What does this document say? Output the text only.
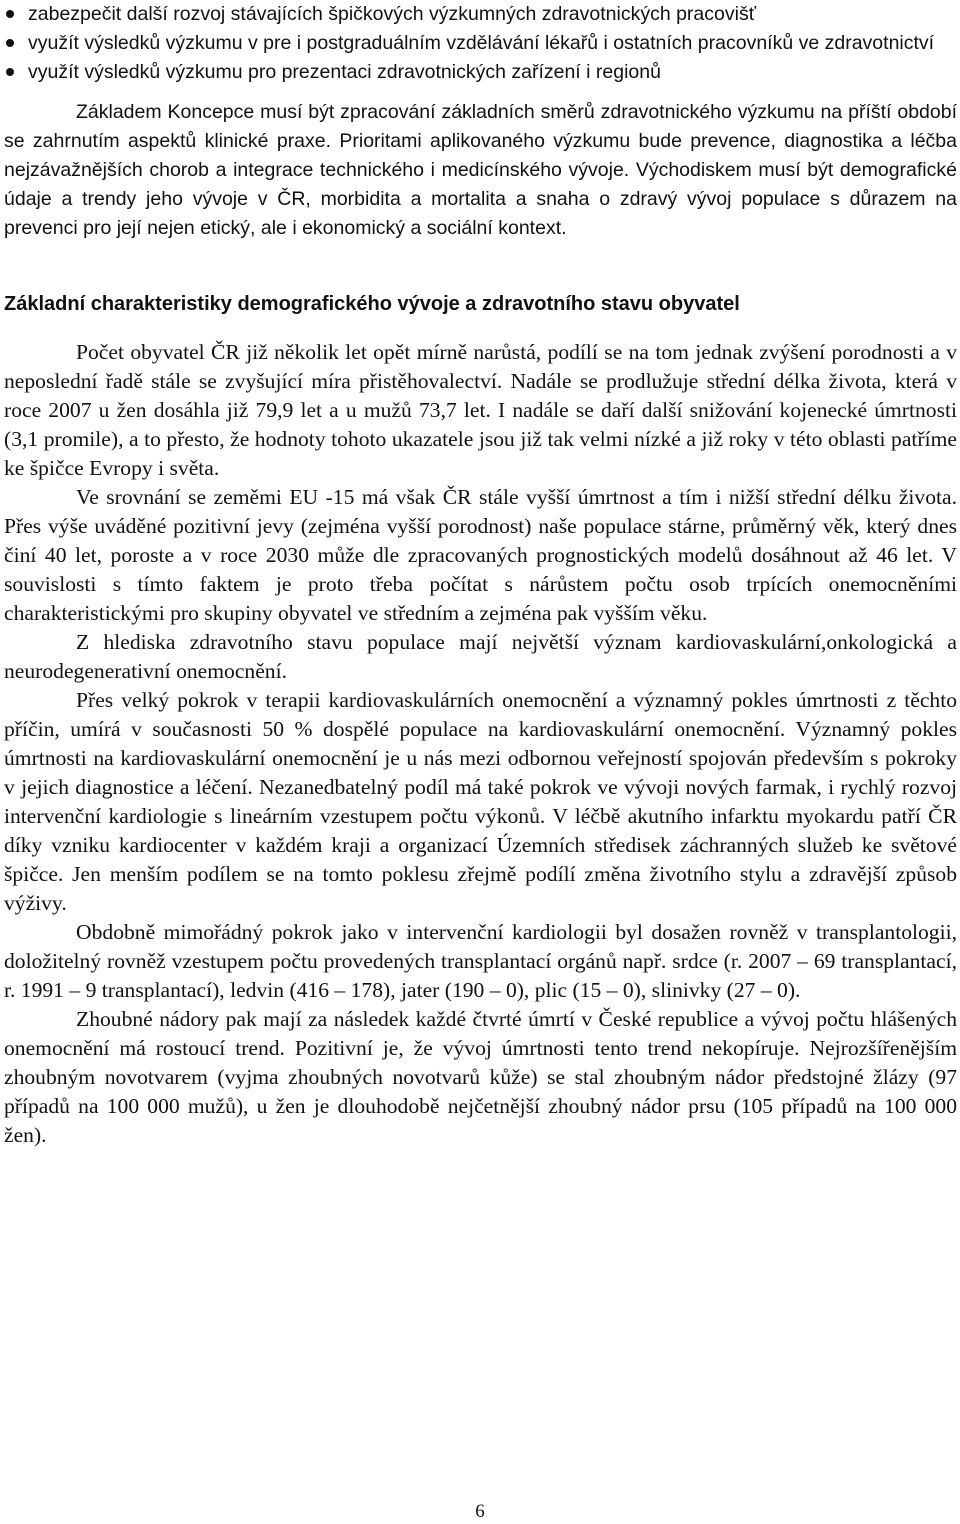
zabezpečit další rozvoj stávajících špičkových výzkumných zdravotnických pracovišť
využít výsledků výzkumu v pre i postgraduálním vzdělávání lékařů i ostatních pracovníků ve zdravotnictví
využít výsledků výzkumu pro prezentaci zdravotnických zařízení i regionů

Základem Koncepce musí být zpracování základních směrů zdravotnického výzkumu na příští období se zahrnutím aspektů klinické praxe. Prioritami aplikovaného výzkumu bude prevence, diagnostika a léčba nejzávažnějších chorob a integrace technického i medicínského vývoje. Východiskem musí být demografické údaje a trendy jeho vývoje v ČR, morbidita a mortalita a snaha o zdravý vývoj populace s důrazem na prevenci pro její nejen etický, ale i ekonomický a sociální kontext.

Základní charakteristiky demografického vývoje a zdravotního stavu obyvatel

Počet obyvatel ČR již několik let opět mírně narůstá, podílí se na tom jednak zvýšení porodnosti a v neposlední řadě stále se zvyšující míra přistěhovalectví. Nadále se prodlužuje střední délka života, která v roce 2007 u žen dosáhla již 79,9 let a u mužů 73,7 let. I nadále se daří další snižování kojenecké úmrtnosti (3,1 promile), a to přesto, že hodnoty tohoto ukazatele jsou již tak velmi nízké a již roky v této oblasti patříme ke špičce Evropy i světa.

Ve srovnání se zeměmi EU -15 má však ČR stále vyšší úmrtnost a tím i nižší střední délku života. Přes výše uváděné pozitivní jevy (zejména vyšší porodnost) naše populace stárne, průměrný věk, který dnes činí 40 let, poroste a v roce 2030 může dle zpracovaných prognostických modelů dosáhnout až 46 let. V souvislosti s tímto faktem je proto třeba počítat s nárůstem počtu osob trpících onemocněními charakteristickými pro skupiny obyvatel ve středním a zejména pak vyšším věku.

Z hlediska zdravotního stavu populace mají největší význam kardiovaskulární,onkologická a neurodegenerativní onemocnění.

Přes velký pokrok v terapii kardiovaskulárních onemocnění a významný pokles úmrtnosti z těchto příčin, umírá v současnosti 50 % dospělé populace na kardiovaskulární onemocnění. Významný pokles úmrtnosti na kardiovaskulární onemocnění je u nás mezi odbornou veřejností spojován především s pokroky v jejich diagnostice a léčení. Nezanedbatelný podíl má také pokrok ve vývoji nových farmak, i rychlý rozvoj intervenční kardiologie s lineárním vzestupem počtu výkonů. V léčbě akutního infarktu myokardu patří ČR díky vzniku kardiocenter v každém kraji a organizací Územních středisek záchranných služeb ke světové špičce. Jen menším podílem se na tomto poklesu zřejmě podílí změna životního stylu a zdravější způsob výživy.

Obdobně mimořádný pokrok jako v intervenční kardiologii byl dosažen rovněž v transplantologii, doložitelný rovněž vzestupem počtu provedených transplantací orgánů např. srdce (r. 2007 – 69 transplantací, r. 1991 – 9 transplantací), ledvin (416 – 178), jater (190 – 0), plic (15 – 0), slinivky (27 – 0).

Zhoubné nádory pak mají za následek každé čtvrté úmrtí v České republice a vývoj počtu hlášených onemocnění má rostoucí trend. Pozitivní je, že vývoj úmrtnosti tento trend nekopíruje. Nejrozšířenějším zhoubným novotvarem (vyjma zhoubných novotvarů kůže) se stal zhoubným nádor předstojné žlázy (97 případů na 100 000 mužů), u žen je dlouhodobě nejčetnější zhoubný nádor prsu (105 případů na 100 000 žen).

6
